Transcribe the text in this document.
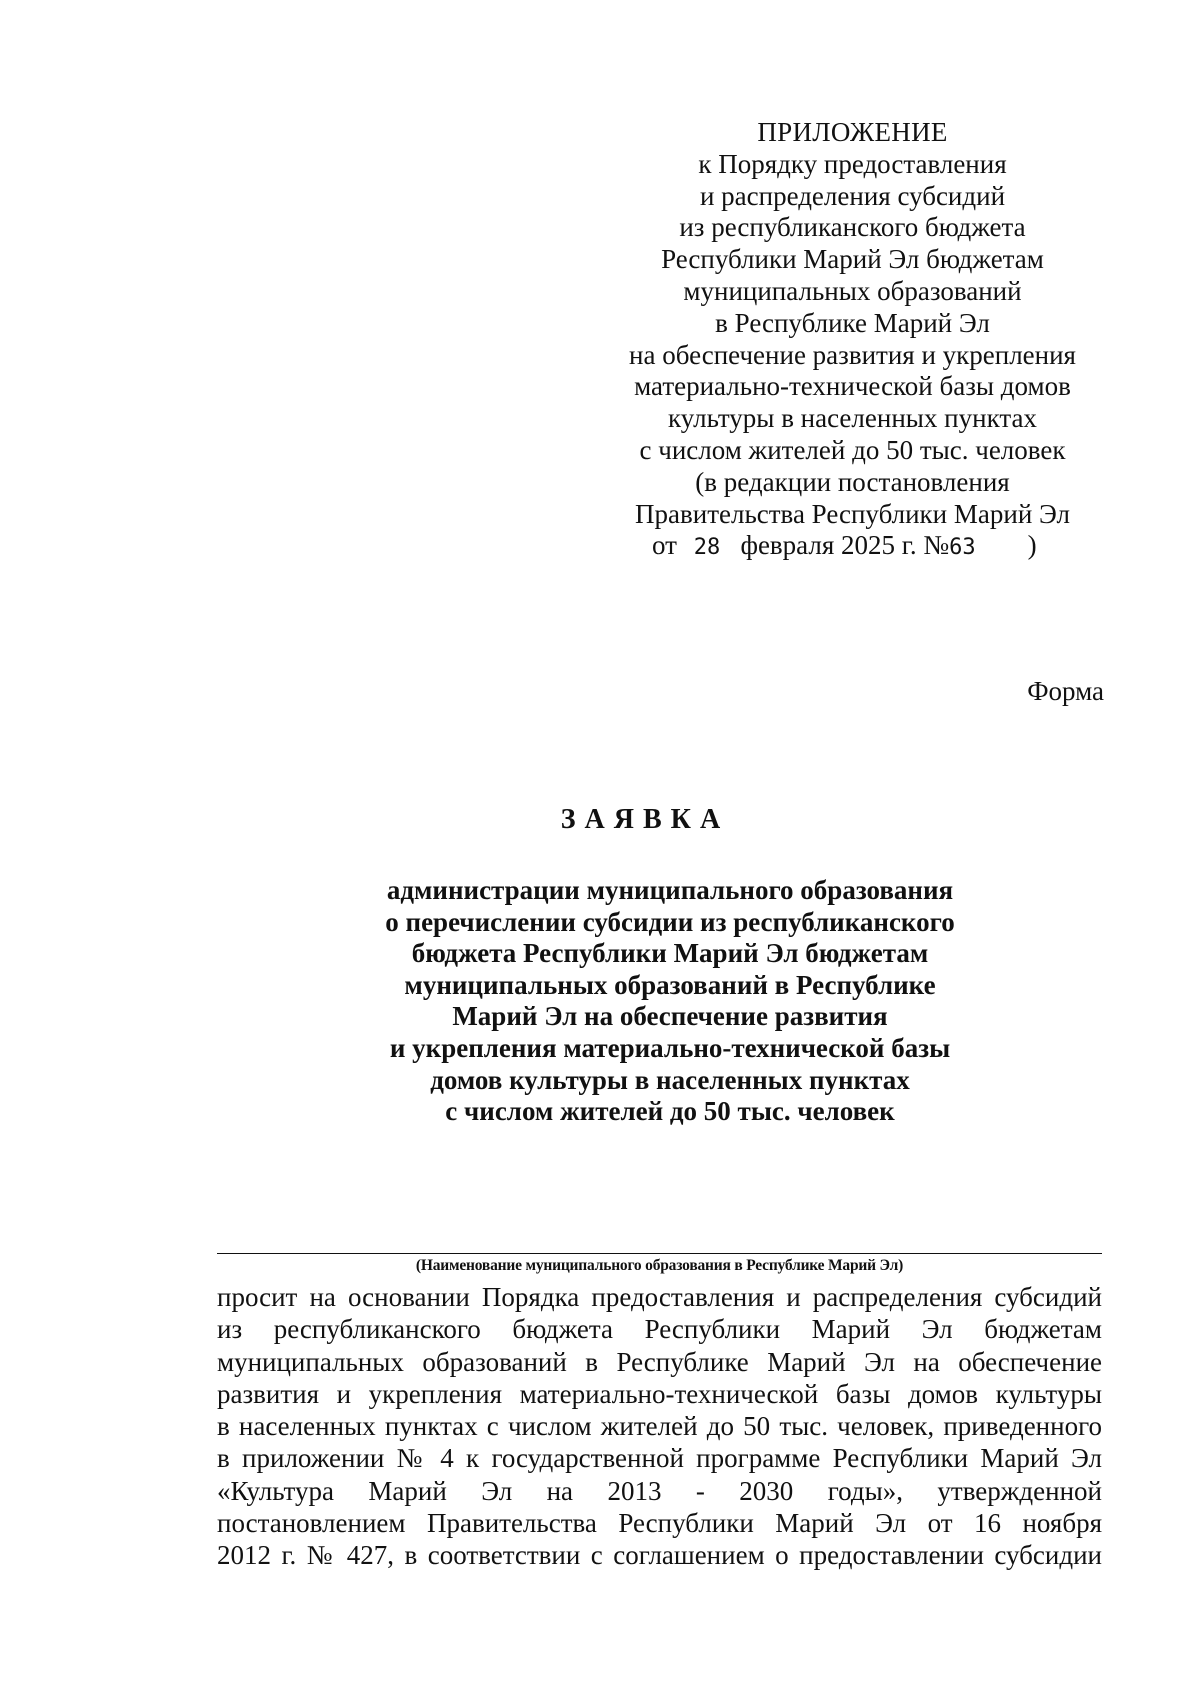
ПРИЛОЖЕНИЕ
к Порядку предоставления
и распределения субсидий
из республиканского бюджета
Республики Марий Эл бюджетам
муниципальных образований
в Республике Марий Эл
на обеспечение развития и укрепления
материально-технической базы домов
культуры в населенных пунктах
с числом жителей до 50 тыс. человек
(в редакции постановления
Правительства Республики Марий Эл
от 28 февраля 2025 г. №63 )
Форма
ЗАЯВКА
администрации муниципального образования
о перечислении субсидии из республиканского
бюджета Республики Марий Эл бюджетам
муниципальных образований в Республике
Марий Эл на обеспечение развития
и укрепления материально-технической базы
домов культуры в населенных пунктах
с числом жителей до 50 тыс. человек
(Наименование муниципального образования в Республике Марий Эл)
просит на основании Порядка предоставления и распределения субсидий
из республиканского бюджета Республики Марий Эл бюджетам
муниципальных образований в Республике Марий Эл на обеспечение
развития и укрепления материально-технической базы домов культуры
в населенных пунктах с числом жителей до 50 тыс. человек, приведенного
в приложении № 4 к государственной программе Республики Марий Эл
«Культура Марий Эл на 2013 - 2030 годы», утвержденной
постановлением Правительства Республики Марий Эл от 16 ноября
2012 г. № 427, в соответствии с соглашением о предоставлении субсидии
